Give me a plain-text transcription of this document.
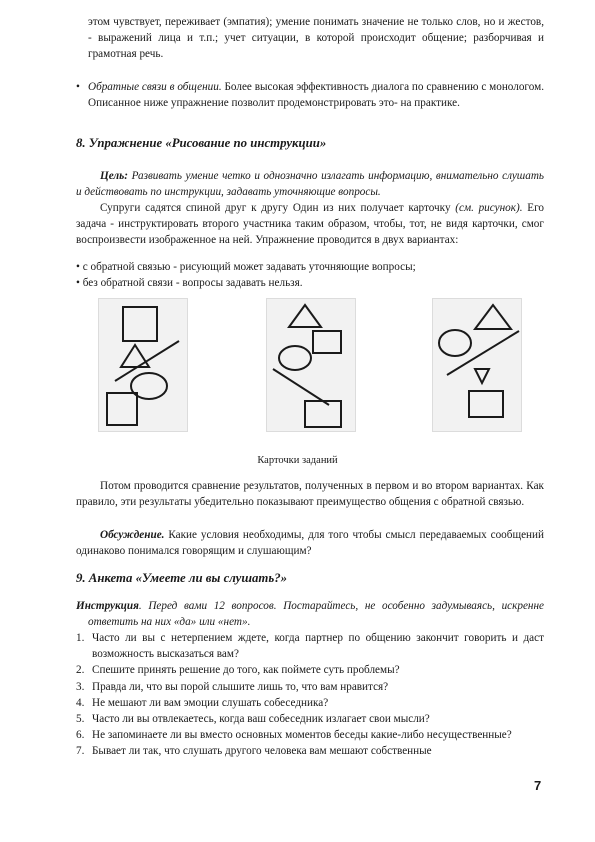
этом чувствует, переживает (эмпатия); умение понимать значение не только слов, но и жестов, - выражений лица и т.п.; учет ситуации, в которой происходит общение; разборчивая и грамотная речь.
• Обратные связи в общении. Более высокая эффективность диалога по сравнению с монологом. Описанное ниже упражнение позволит продемонстрировать это- на практике.
8. Упражнение «Рисование по инструкции»
Цель: Развивать умение четко и однозначно излагать информацию, внимательно слушать и действовать по инструкции, задавать уточняющие вопросы.
Супруги садятся спиной друг к другу Один из них получает карточку (см. рисунок). Его задача - инструктировать второго участника таким образом, чтобы, тот, не видя карточки, смог воспроизвести изображенное на ней. Упражнение проводится в двух вариантах:
• с обратной связью - рисующий может задавать уточняющие вопросы;
• без обратной связи - вопросы задавать нельзя.
Карточки заданий
Потом проводится сравнение результатов, полученных в первом и во втором вариантах. Как правило, эти результаты убедительно показывают преимущество общения с обратной связью.
Обсуждение. Какие условия необходимы, для того чтобы смысл передаваемых сообщений одинаково понимался говорящим и слушающим?
9. Анкета «Умеете ли вы слушать?»
Инструкция. Перед вами 12 вопросов. Постарайтесь, не особенно задумываясь, искренне ответить на них «да» или «нет».
1. Часто ли вы с нетерпением ждете, когда партнер по общению закончит говорить и даст возможность высказаться вам?
2. Спешите принять решение до того, как поймете суть проблемы?
3. Правда ли, что вы порой слышите лишь то, что вам нравится?
4. Не мешают ли вам эмоции слушать собеседника?
5. Часто ли вы отвлекаетесь, когда ваш собеседник излагает свои мысли?
6. Не запоминаете ли вы вместо основных моментов беседы какие-либо несущественные?
7. Бывает ли так, что слушать другого человека вам мешают собственные
7
